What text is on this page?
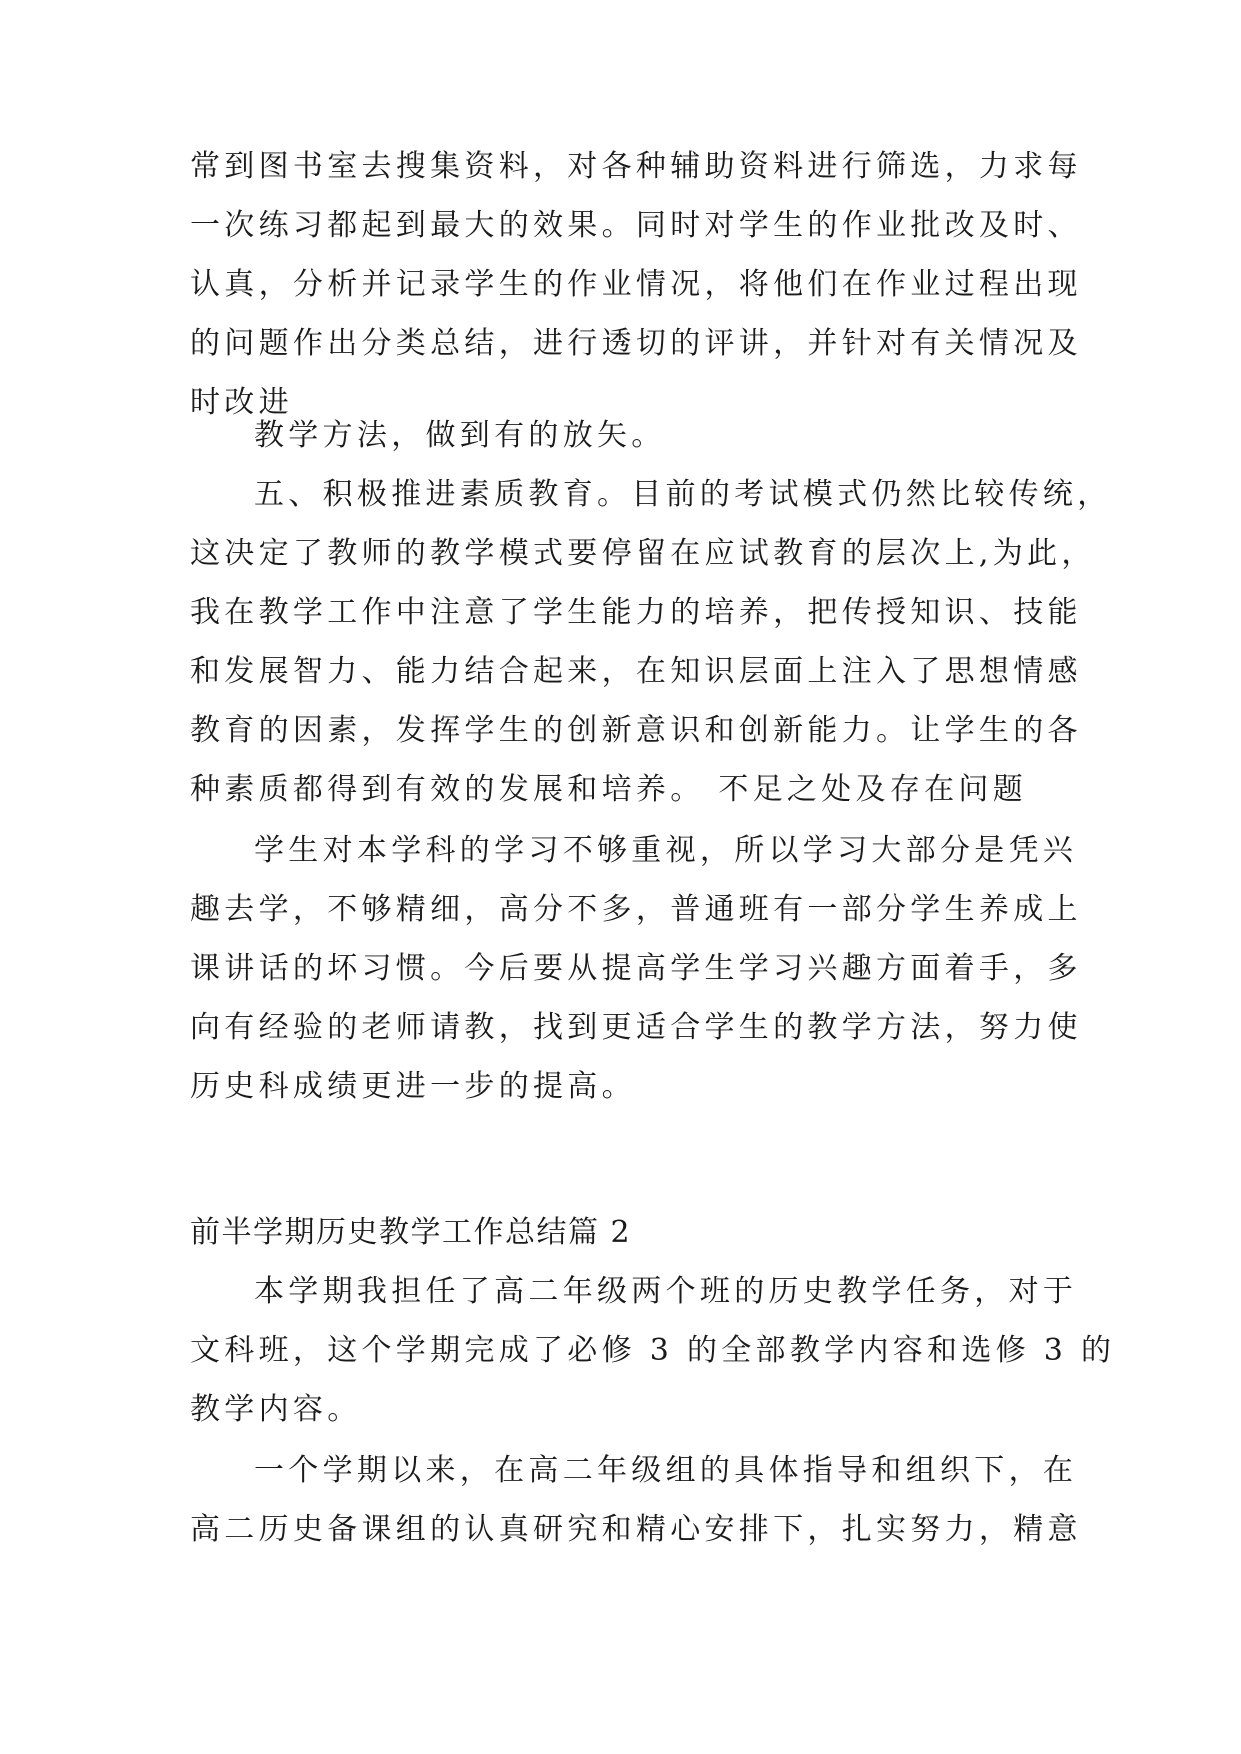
常到图书室去搜集资料，对各种辅助资料进行筛选，力求每
一次练习都起到最大的效果。同时对学生的作业批改及时、
认真，分析并记录学生的作业情况，将他们在作业过程出现
的问题作出分类总结，进行透切的评讲，并针对有关情况及
时改进
教学方法，做到有的放矢。
五、积极推进素质教育。目前的考试模式仍然比较传统，
这决定了教师的教学模式要停留在应试教育的层次上,为此，
我在教学工作中注意了学生能力的培养，把传授知识、技能
和发展智力、能力结合起来，在知识层面上注入了思想情感
教育的因素，发挥学生的创新意识和创新能力。让学生的各
种素质都得到有效的发展和培养。 不足之处及存在问题
学生对本学科的学习不够重视，所以学习大部分是凭兴
趣去学，不够精细，高分不多，普通班有一部分学生养成上
课讲话的坏习惯。今后要从提高学生学习兴趣方面着手，多
向有经验的老师请教，找到更适合学生的教学方法，努力使
历史科成绩更进一步的提高。
前半学期历史教学工作总结篇 2
本学期我担任了高二年级两个班的历史教学任务，对于
文科班，这个学期完成了必修 3 的全部教学内容和选修 3 的
教学内容。
一个学期以来，在高二年级组的具体指导和组织下，在
高二历史备课组的认真研究和精心安排下，扎实努力，精意
